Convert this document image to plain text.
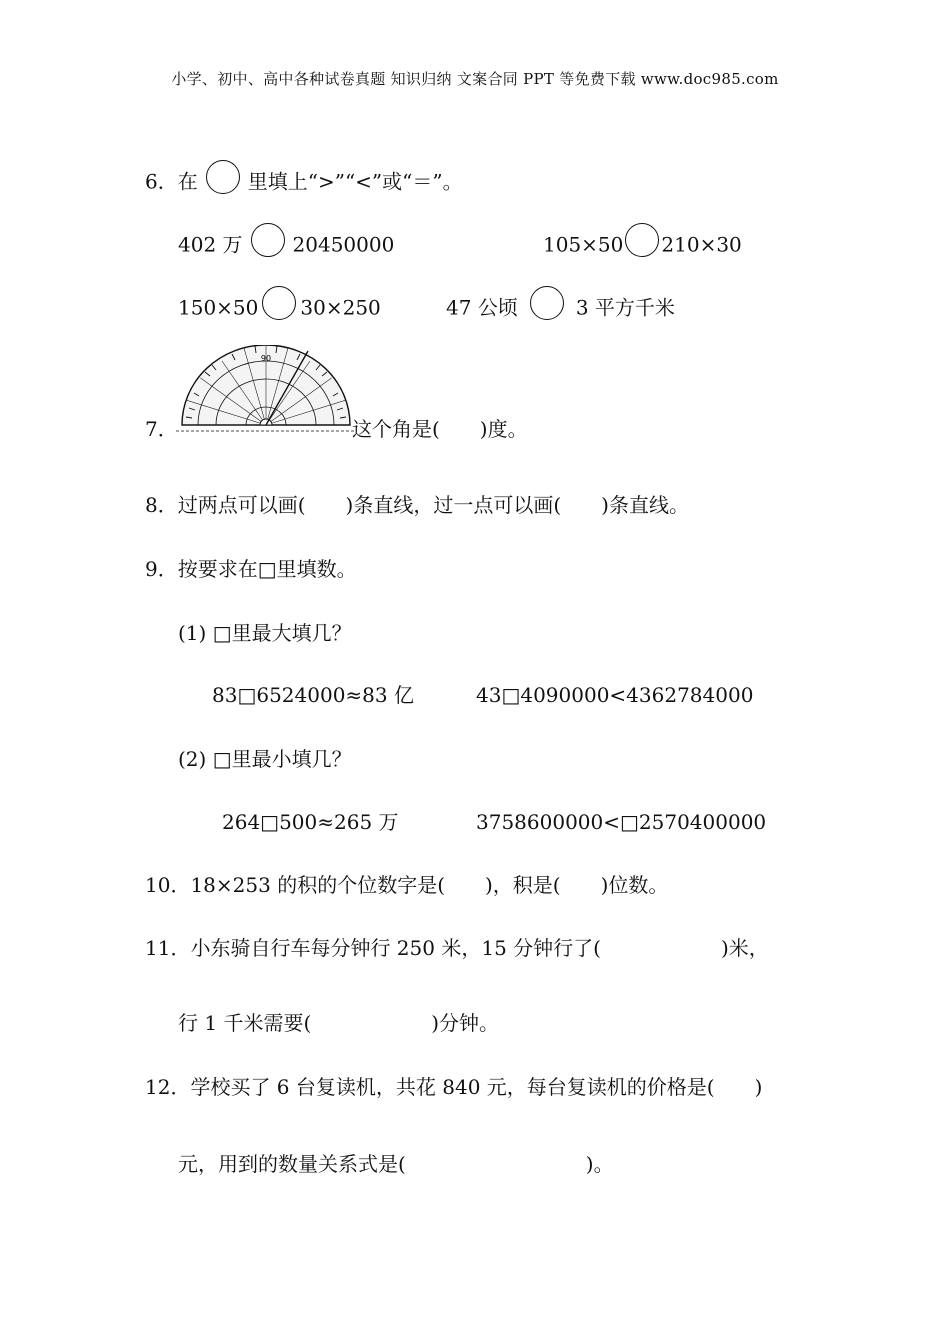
小学、初中、高中各种试卷真题 知识归纳 文案合同 PPT 等免费下载 www.doc985.com
6．在	里填上“>”“<”或“＝”。
402 万	20450000	105×50 210×30
150×50 30×250	47 公顷	3 平方千米
90
7．	这个角是(　　)度。
8．过两点可以画(　　)条直线，过一点可以画(　　)条直线。
9．按要求在□里填数。
(1) □里最大填几？
83□6524000≈83 亿	43□4090000<4362784000
(2) □里最小填几？
264□500≈265 万	3758600000<□2570400000
10．18×253 的积的个位数字是(　　)，积是(　　)位数。
11．小东骑自行车每分钟行 250 米，15 分钟行了(　　　　　　)米，
行 1 千米需要(　　　　　　)分钟。
12．学校买了 6 台复读机，共花 840 元，每台复读机的价格是(　　)
元，用到的数量关系式是(　　　　　　　　　)。
